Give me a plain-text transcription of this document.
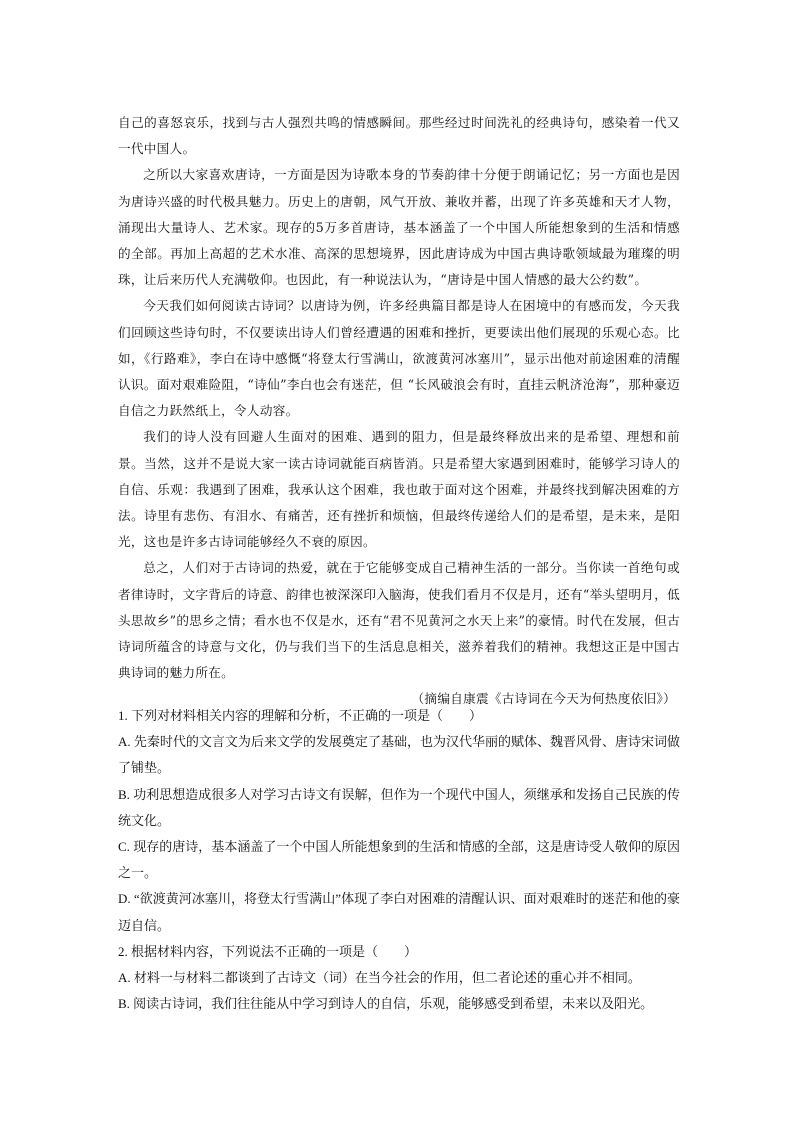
自己的喜怒哀乐，找到与古人强烈共鸣的情感瞬间。那些经过时间洗礼的经典诗句，感染着一代又一代中国人。

之所以大家喜欢唐诗，一方面是因为诗歌本身的节奏韵律十分便于朗诵记忆；另一方面也是因为唐诗兴盛的时代极具魅力。历史上的唐朝，风气开放、兼收并蓄，出现了许多英雄和天才人物，涌现出大量诗人、艺术家。现存的5万多首唐诗，基本涵盖了一个中国人所能想象到的生活和情感的全部。再加上高超的艺术水准、高深的思想境界，因此唐诗成为中国古典诗歌领域最为璀璨的明珠，让后来历代人充满敬仰。也因此，有一种说法认为，“唐诗是中国人情感的最大公约数”。

今天我们如何阅读古诗词？以唐诗为例，许多经典篇目都是诗人在困境中的有感而发，今天我们回顾这些诗句时，不仅要读出诗人们曾经遭遇的困难和挫折，更要读出他们展现的乐观心态。比如，《行路难》，李白在诗中感慨“将登太行雪满山，欲渡黄河冰塞川”，显示出他对前途困难的清醒认识。面对艰难险阻，“诗仙”李白也会有迷茫，但 “长风破浪会有时，直挂云帆济沧海”，那种豪迈自信之力跃然纸上，令人动容。

我们的诗人没有回避人生面对的困难、遇到的阻力，但是最终释放出来的是希望、理想和前景。当然，这并不是说大家一读古诗词就能百病皆消。只是希望大家遇到困难时，能够学习诗人的自信、乐观：我遇到了困难，我承认这个困难，我也敢于面对这个困难，并最终找到解决困难的方法。诗里有悲伤、有泪水、有痛苦，还有挫折和烦恼，但最终传递给人们的是希望，是未来，是阳光，这也是许多古诗词能够经久不衰的原因。

总之，人们对于古诗词的热爱，就在于它能够变成自己精神生活的一部分。当你读一首绝句或者律诗时，文字背后的诗意、韵律也被深深印入脑海，使我们看月不仅是月，还有“举头望明月，低头思故乡”的思乡之情；看水也不仅是水，还有“君不见黄河之水天上来”的豪情。时代在发展，但古诗词所蕴含的诗意与文化，仍与我们当下的生活息息相关，滋养着我们的精神。我想这正是中国古典诗词的魅力所在。

（摘编自康震《古诗词在今天为何热度依旧》）

1. 下列对材料相关内容的理解和分析，不正确的一项是（　　）

A. 先秦时代的文言文为后来文学的发展奠定了基础，也为汉代华丽的赋体、魏晋风骨、唐诗宋词做了铺垫。

B. 功利思想造成很多人对学习古诗文有误解，但作为一个现代中国人，须继承和发扬自己民族的传统文化。

C. 现存的唐诗，基本涵盖了一个中国人所能想象到的生活和情感的全部，这是唐诗受人敬仰的原因之一。

D. “欲渡黄河冰塞川，将登太行雪满山”体现了李白对困难的清醒认识、面对艰难时的迷茫和他的豪迈自信。

2. 根据材料内容，下列说法不正确的一项是（　　）

A. 材料一与材料二都谈到了古诗文（词）在当今社会的作用，但二者论述的重心并不相同。

B. 阅读古诗词，我们往往能从中学习到诗人的自信，乐观，能够感受到希望，未来以及阳光。
